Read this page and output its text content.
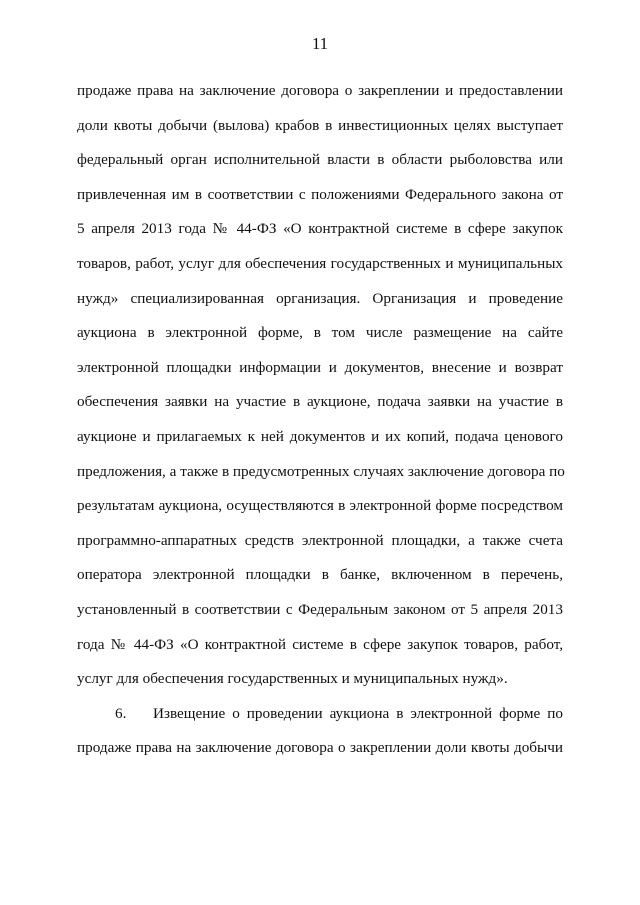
11
продаже права на заключение договора о закреплении и предоставлении
доли квоты добычи (вылова) крабов в инвестиционных целях выступает
федеральный орган исполнительной власти в области рыболовства или
привлеченная им в соответствии с положениями Федерального закона от
5 апреля 2013 года № 44-ФЗ «О контрактной системе в сфере закупок
товаров, работ, услуг для обеспечения государственных и муниципальных
нужд» специализированная организация. Организация и проведение
аукциона в электронной форме, в том числе размещение на сайте
электронной площадки информации и документов, внесение и возврат
обеспечения заявки на участие в аукционе, подача заявки на участие в
аукционе и прилагаемых к ней документов и их копий, подача ценового
предложения, а также в предусмотренных случаях заключение договора по
результатам аукциона, осуществляются в электронной форме посредством
программно-аппаратных средств электронной площадки, а также счета
оператора электронной площадки в банке, включенном в перечень,
установленный в соответствии с Федеральным законом от 5 апреля 2013
года № 44-ФЗ «О контрактной системе в сфере закупок товаров, работ,
услуг для обеспечения государственных и муниципальных нужд».
6.	Извещение о проведении аукциона в электронной форме по
продаже права на заключение договора о закреплении доли квоты добычи
